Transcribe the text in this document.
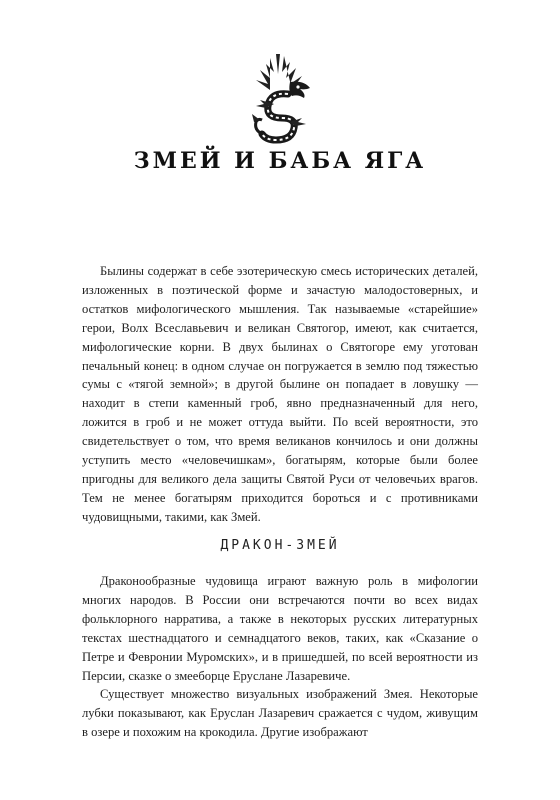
ЗМЕЙ И БАБА ЯГА

Былины содержат в себе эзотерическую смесь исторических деталей, изложенных в поэтической форме и зачастую малодостоверных, и остатков мифологического мышления. Так называемые «старейшие» герои, Волх Всеславьевич и великан Святогор, имеют, как считается, мифологические корни. В двух былинах о Святогоре ему уготован печальный конец: в одном случае он погружается в землю под тяжестью сумы с «тягой земной»; в другой былине он попадает в ловушку — находит в степи каменный гроб, явно предназначенный для него, ложится в гроб и не может оттуда выйти. По всей вероятности, это свидетельствует о том, что время великанов кончилось и они должны уступить место «человечишкам», богатырям, которые были более пригодны для великого дела защиты Святой Руси от человечьих врагов. Тем не менее богатырям приходится бороться и с противниками чудовищными, такими, как Змей.

ДРАКОН-ЗМЕЙ

Драконообразные чудовища играют важную роль в мифологии многих народов. В России они встречаются почти во всех видах фольклорного нарратива, а также в некоторых русских литературных текстах шестнадцатого и семнадцатого веков, таких, как «Сказание о Петре и Февронии Муромских», и в пришедшей, по всей вероятности из Персии, сказке о змееборце Еруслане Лазаревиче.

Существует множество визуальных изображений Змея. Некоторые лубки показывают, как Еруслан Лазаревич сражается с чудом, живущим в озере и похожим на крокодила. Другие изображают
